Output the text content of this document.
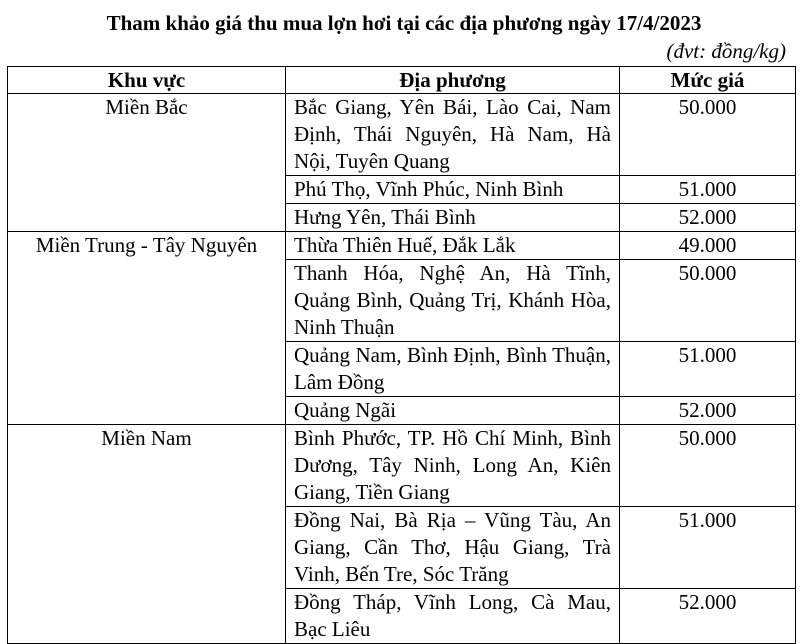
Tham khảo giá thu mua lợn hơi tại các địa phương ngày 17/4/2023
(đvt: đồng/kg)
Khu vực	Địa phương	Mức giá
Miền Bắc	Bắc Giang, Yên Bái, Lào Cai, Nam Định, Thái Nguyên, Hà Nam, Hà Nội, Tuyên Quang	50.000
	Phú Thọ, Vĩnh Phúc, Ninh Bình	51.000
	Hưng Yên, Thái Bình	52.000
Miền Trung - Tây Nguyên	Thừa Thiên Huế, Đắk Lắk	49.000
	Thanh Hóa, Nghệ An, Hà Tĩnh, Quảng Bình, Quảng Trị, Khánh Hòa, Ninh Thuận	50.000
	Quảng Nam, Bình Định, Bình Thuận, Lâm Đồng	51.000
	Quảng Ngãi	52.000
Miền Nam	Bình Phước, TP. Hồ Chí Minh, Bình Dương, Tây Ninh, Long An, Kiên Giang, Tiền Giang	50.000
	Đồng Nai, Bà Rịa – Vũng Tàu, An Giang, Cần Thơ, Hậu Giang, Trà Vinh, Bến Tre, Sóc Trăng	51.000
	Đồng Tháp, Vĩnh Long, Cà Mau, Bạc Liêu	52.000
